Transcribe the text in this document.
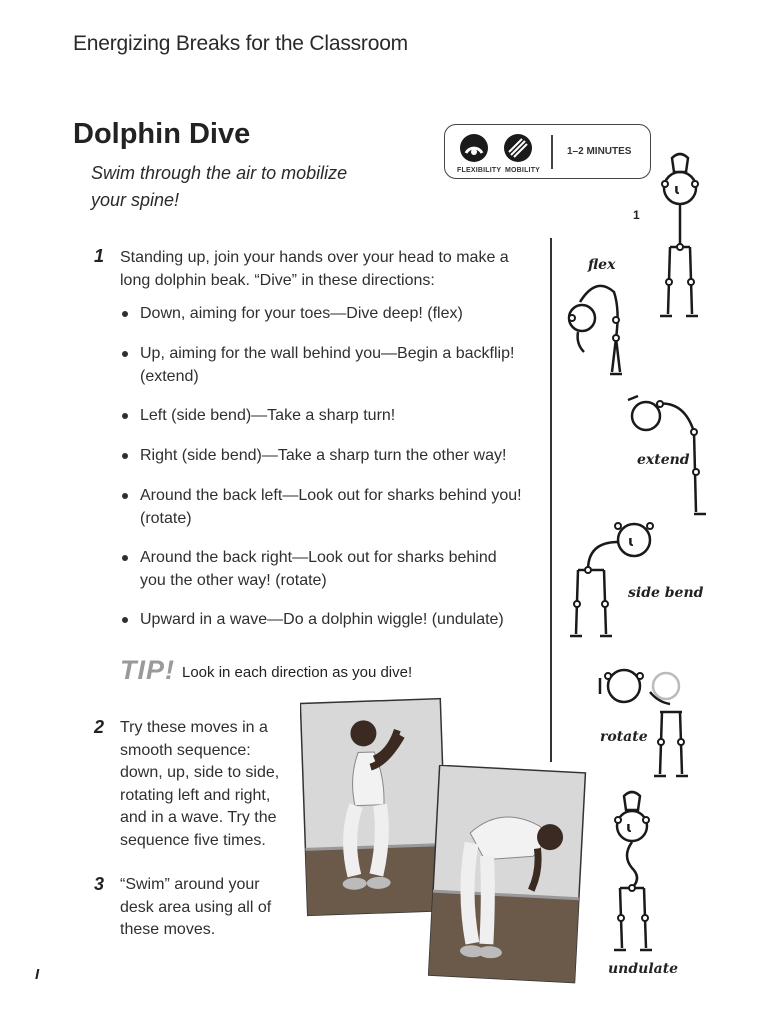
Energizing Breaks for the Classroom
Dolphin Dive
Swim through the air to mobilize your spine!
FLEXIBILITY MOBILITY
1–2 MINUTES
1
1 Standing up, join your hands over your head to make a long dolphin beak. “Dive” in these directions:
Down, aiming for your toes—Dive deep! (flex)
Up, aiming for the wall behind you—Begin a backflip! (extend)
Left (side bend)—Take a sharp turn!
Right (side bend)—Take a sharp turn the other way!
Around the back left—Look out for sharks behind you! (rotate)
Around the back right—Look out for sharks behind you the other way! (rotate)
Upward in a wave—Do a dolphin wiggle! (undulate)
TIP! Look in each direction as you dive!
2 Try these moves in a smooth sequence: down, up, side to side, rotating left and right, and in a wave. Try the sequence five times.
3 “Swim” around your desk area using all of these moves.
ɩ
flex
extend
ɩ
side bend
rotate
ɩ
undulate
I
